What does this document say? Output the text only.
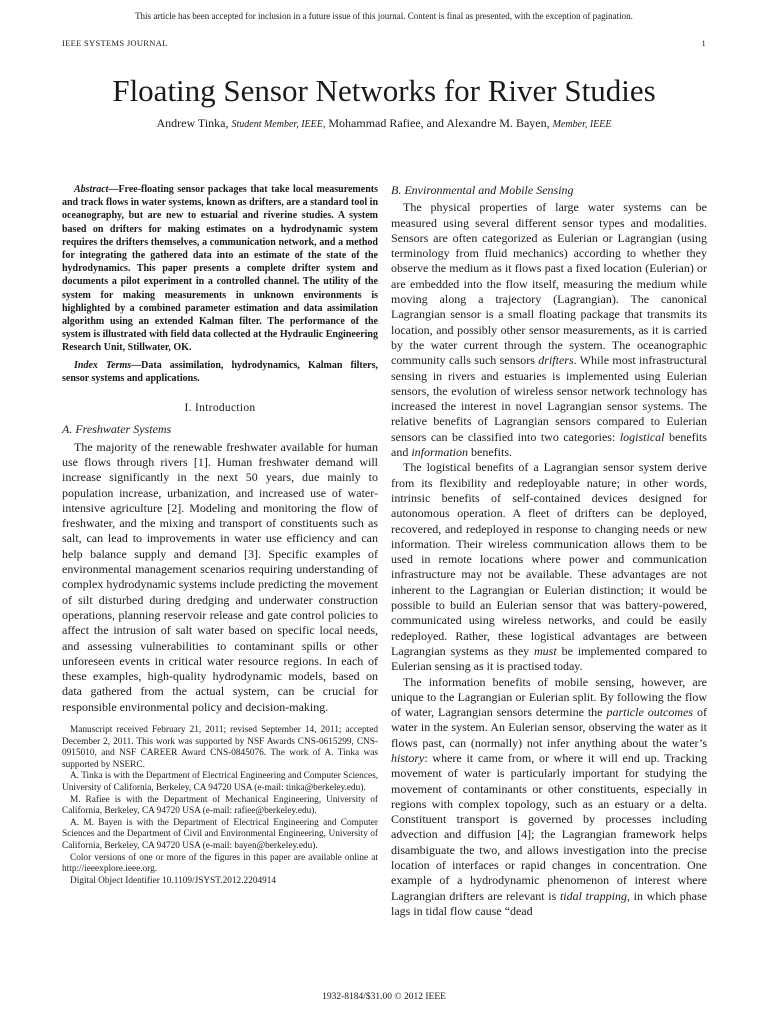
This article has been accepted for inclusion in a future issue of this journal. Content is final as presented, with the exception of pagination.
IEEE SYSTEMS JOURNAL	1
Floating Sensor Networks for River Studies
Andrew Tinka, Student Member, IEEE, Mohammad Rafiee, and Alexandre M. Bayen, Member, IEEE
Abstract—Free-floating sensor packages that take local measurements and track flows in water systems, known as drifters, are a standard tool in oceanography, but are new to estuarial and riverine studies. A system based on drifters for making estimates on a hydrodynamic system requires the drifters themselves, a communication network, and a method for integrating the gathered data into an estimate of the state of the hydrodynamics. This paper presents a complete drifter system and documents a pilot experiment in a controlled channel. The utility of the system for making measurements in unknown environments is highlighted by a combined parameter estimation and data assimilation algorithm using an extended Kalman filter. The performance of the system is illustrated with field data collected at the Hydraulic Engineering Research Unit, Stillwater, OK.
Index Terms—Data assimilation, hydrodynamics, Kalman filters, sensor systems and applications.
I. Introduction
A. Freshwater Systems

The majority of the renewable freshwater available for human use flows through rivers [1]. Human freshwater demand will increase significantly in the next 50 years, due mainly to population increase, urbanization, and increased use of water-intensive agriculture [2]. Modeling and monitoring the flow of freshwater, and the mixing and transport of constituents such as salt, can lead to improvements in water use efficiency and can help balance supply and demand [3]. Specific examples of environmental management scenarios requiring understanding of complex hydrodynamic systems include predicting the movement of silt disturbed during dredging and underwater construction operations, planning reservoir release and gate control policies to affect the intrusion of salt water based on specific local needs, and assessing vulnerabilities to contaminant spills or other unforeseen events in critical water resource regions. In each of these examples, high-quality hydrodynamic models, based on data gathered from the actual system, can be crucial for responsible environmental policy and decision-making.

Manuscript received February 21, 2011; revised September 14, 2011; accepted December 2, 2011. This work was supported by NSF Awards CNS-0615299, CNS-0915010, and NSF CAREER Award CNS-0845076. The work of A. Tinka was supported by NSERC.

A. Tinka is with the Department of Electrical Engineering and Computer Sciences, University of California, Berkeley, CA 94720 USA (e-mail: tinka@berkeley.edu).

M. Rafiee is with the Department of Mechanical Engineering, University of California, Berkeley, CA 94720 USA (e-mail: rafiee@berkeley.edu).

A. M. Bayen is with the Department of Electrical Engineering and Computer Sciences and the Department of Civil and Environmental Engineering, University of California, Berkeley, CA 94720 USA (e-mail: bayen@berkeley.edu).

Color versions of one or more of the figures in this paper are available online at http://ieeexplore.ieee.org.

Digital Object Identifier 10.1109/JSYST.2012.2204914

B. Environmental and Mobile Sensing

The physical properties of large water systems can be measured using several different sensor types and modalities. Sensors are often categorized as Eulerian or Lagrangian (using terminology from fluid mechanics) according to whether they observe the medium as it flows past a fixed location (Eulerian) or are embedded into the flow itself, measuring the medium while moving along a trajectory (Lagrangian). The canonical Lagrangian sensor is a small floating package that transmits its location, and possibly other sensor measurements, as it is carried by the water current through the system. The oceanographic community calls such sensors drifters. While most infrastructural sensing in rivers and estuaries is implemented using Eulerian sensors, the evolution of wireless sensor network technology has increased the interest in novel Lagrangian sensor systems. The relative benefits of Lagrangian sensors compared to Eulerian sensors can be classified into two categories: logistical benefits and information benefits.

The logistical benefits of a Lagrangian sensor system derive from its flexibility and redeployable nature; in other words, intrinsic benefits of self-contained devices designed for autonomous operation. A fleet of drifters can be deployed, recovered, and redeployed in response to changing needs or new information. Their wireless communication allows them to be used in remote locations where power and communication infrastructure may not be available. These advantages are not inherent to the Lagrangian or Eulerian distinction; it would be possible to build an Eulerian sensor that was battery-powered, communicated using wireless networks, and could be easily redeployed. Rather, these logistical advantages are between Lagrangian systems as they must be implemented compared to Eulerian sensing as it is practised today.

The information benefits of mobile sensing, however, are unique to the Lagrangian or Eulerian split. By following the flow of water, Lagrangian sensors determine the particle outcomes of water in the system. An Eulerian sensor, observing the water as it flows past, can (normally) not infer anything about the water’s history: where it came from, or where it will end up. Tracking movement of water is particularly important for studying the movement of contaminants or other constituents, especially in regions with complex topology, such as an estuary or a delta. Constituent transport is governed by processes including advection and diffusion [4]; the Lagrangian framework helps disambiguate the two, and allows investigation into the precise location of interfaces or rapid changes in concentration. One example of a hydrodynamic phenomenon of interest where Lagrangian drifters are relevant is tidal trapping, in which phase lags in tidal flow cause “dead

1932-8184/$31.00 © 2012 IEEE
